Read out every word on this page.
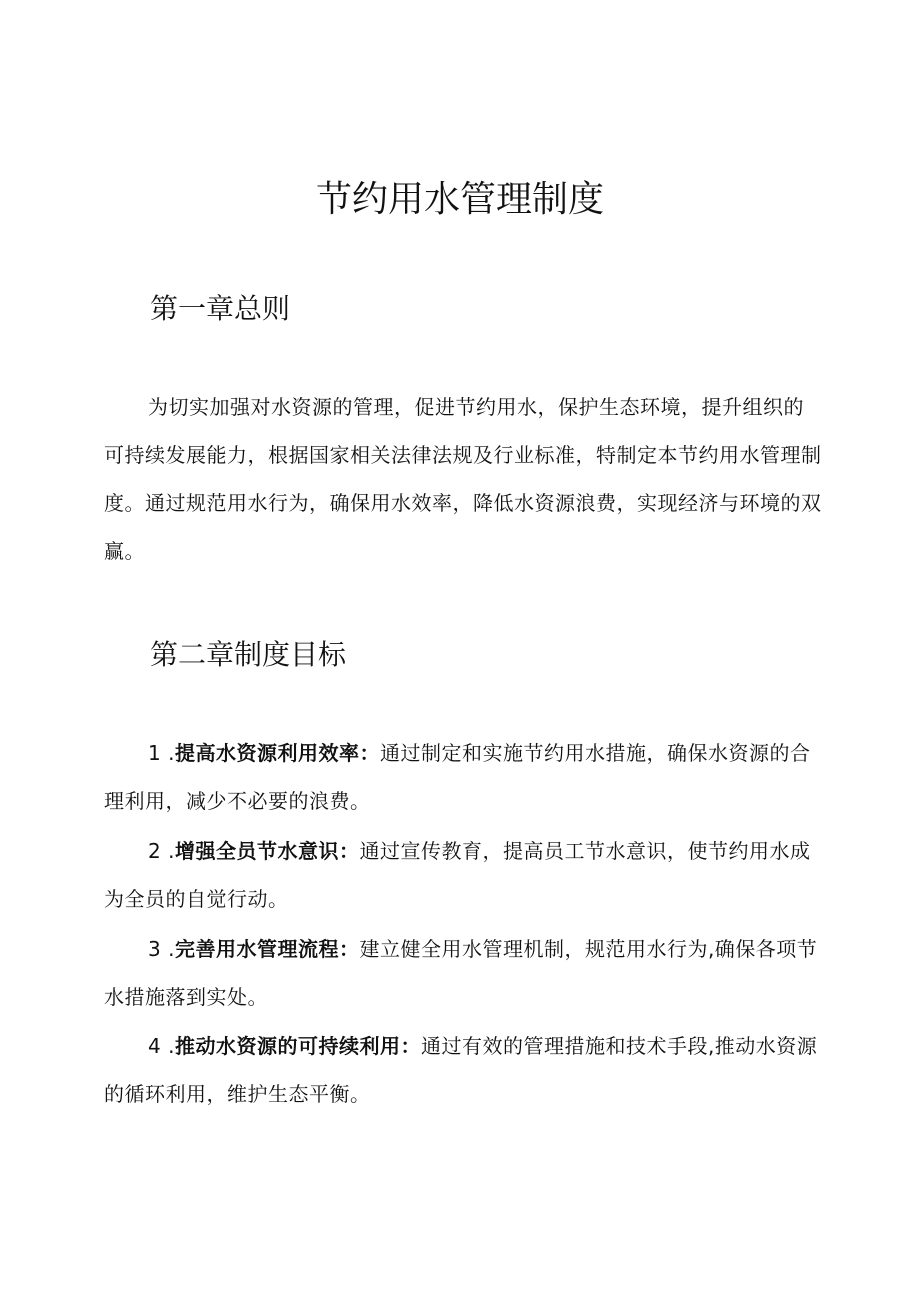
节约用水管理制度
第一章总则

为切实加强对水资源的管理，促进节约用水，保护生态环境，提升组织的可持续发展能力，根据国家相关法律法规及行业标准，特制定本节约用水管理制度。通过规范用水行为，确保用水效率，降低水资源浪费，实现经济与环境的双赢。

第二章制度目标

1 .提高水资源利用效率：通过制定和实施节约用水措施，确保水资源的合理利用，减少不必要的浪费。

2 .增强全员节水意识：通过宣传教育，提高员工节水意识，使节约用水成为全员的自觉行动。

3 .完善用水管理流程：建立健全用水管理机制，规范用水行为,确保各项节水措施落到实处。

4 .推动水资源的可持续利用：通过有效的管理措施和技术手段,推动水资源的循环利用，维护生态平衡。
